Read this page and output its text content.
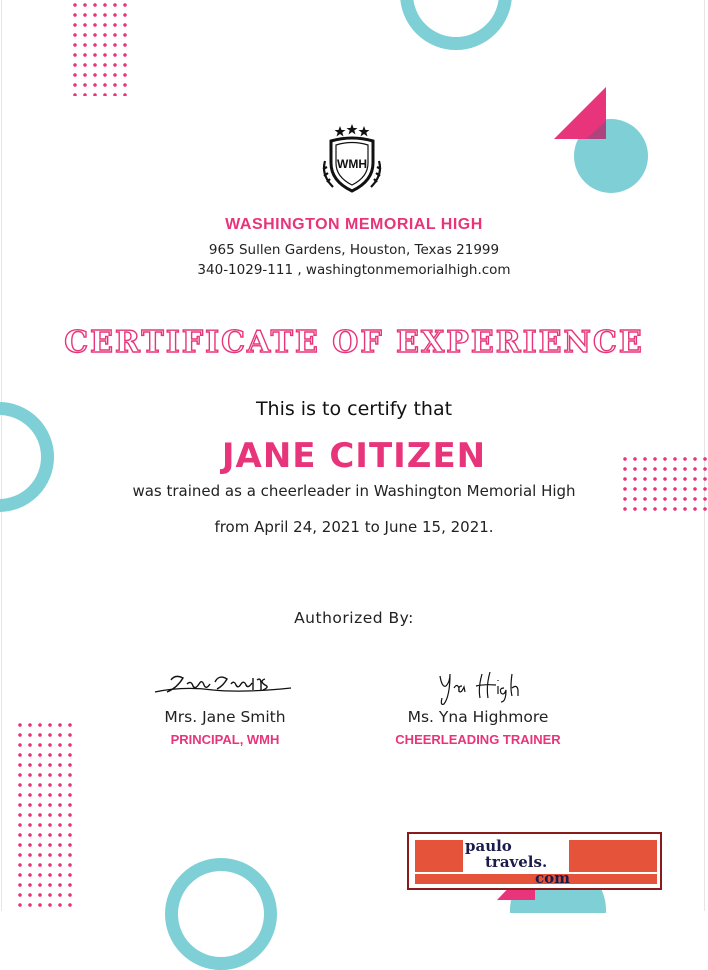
WMH
WASHINGTON MEMORIAL HIGH
965 Sullen Gardens, Houston, Texas 21999
340-1029-111 , washingtonmemorialhigh.com
CERTIFICATE OF EXPERIENCE
This is to certify that
JANE CITIZEN
was trained as a cheerleader in Washington Memorial High
from April 24, 2021 to June 15, 2021.
Authorized By:
Mrs. Jane Smith
PRINCIPAL, WMH
Ms. Yna Highmore
CHEERLEADING TRAINER
paulo
travels.
com
